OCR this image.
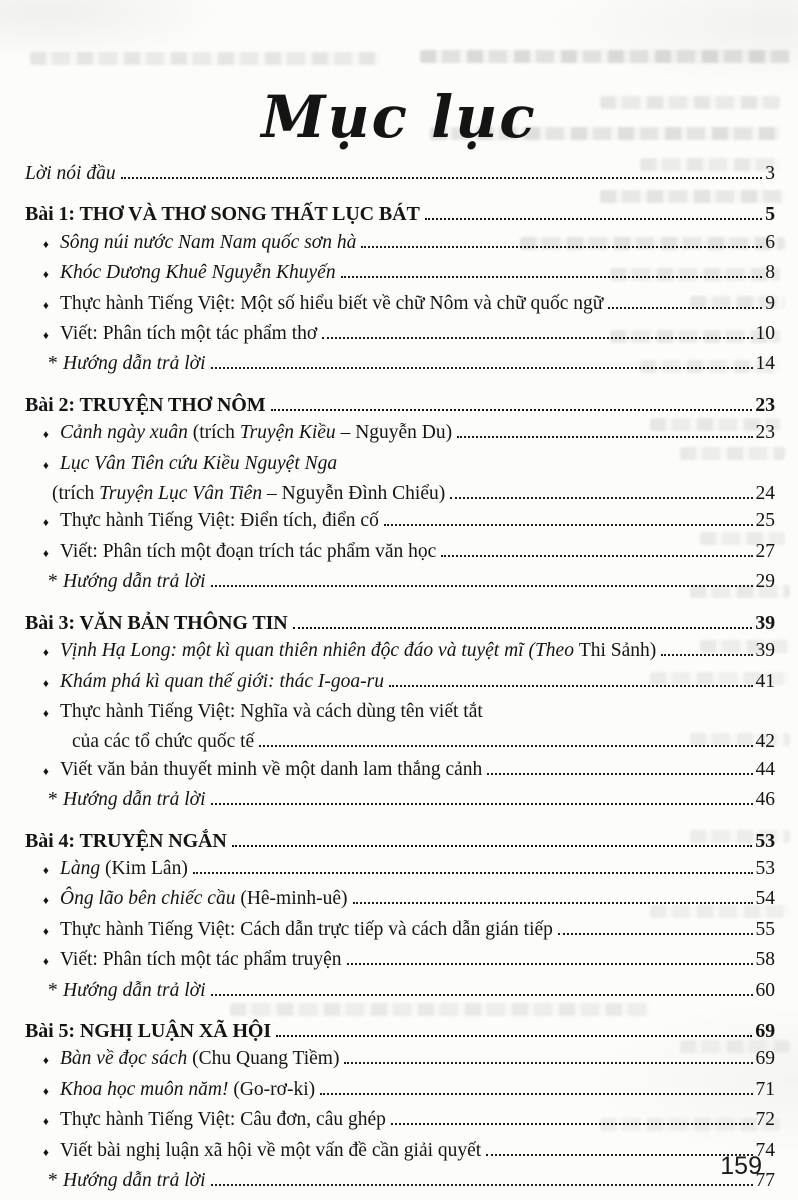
Mục lục
Lời nói đầu	3
Bài 1: THƠ VÀ THƠ SONG THẤT LỤC BÁT	5
♦ Sông núi nước Nam Nam quốc sơn hà	6
♦ Khóc Dương Khuê Nguyễn Khuyến	8
♦ Thực hành Tiếng Việt: Một số hiểu biết về chữ Nôm và chữ quốc ngữ	9
♦ Viết: Phân tích một tác phẩm thơ	10
* Hướng dẫn trả lời	14
Bài 2: TRUYỆN THƠ NÔM	23
♦ Cảnh ngày xuân (trích Truyện Kiều – Nguyễn Du)	23
♦ Lục Vân Tiên cứu Kiều Nguyệt Nga
(trích Truyện Lục Vân Tiên – Nguyễn Đình Chiểu)	24
♦ Thực hành Tiếng Việt: Điển tích, điển cố	25
♦ Viết: Phân tích một đoạn trích tác phẩm văn học	27
* Hướng dẫn trả lời	29
Bài 3: VĂN BẢN THÔNG TIN	39
♦ Vịnh Hạ Long: một kì quan thiên nhiên độc đáo và tuyệt mĩ (Theo Thi Sảnh)	39
♦ Khám phá kì quan thế giới: thác I-goa-ru	41
♦ Thực hành Tiếng Việt: Nghĩa và cách dùng tên viết tắt
của các tổ chức quốc tế	42
♦ Viết văn bản thuyết minh về một danh lam thắng cảnh	44
* Hướng dẫn trả lời	46
Bài 4: TRUYỆN NGẮN	53
♦ Làng (Kim Lân)	53
♦ Ông lão bên chiếc cầu (Hê-minh-uê)	54
♦ Thực hành Tiếng Việt: Cách dẫn trực tiếp và cách dẫn gián tiếp	55
♦ Viết: Phân tích một tác phẩm truyện	58
* Hướng dẫn trả lời	60
Bài 5: NGHỊ LUẬN XÃ HỘI	69
♦ Bàn về đọc sách (Chu Quang Tiềm)	69
♦ Khoa học muôn năm! (Go-rơ-ki)	71
♦ Thực hành Tiếng Việt: Câu đơn, câu ghép	72
♦ Viết bài nghị luận xã hội về một vấn đề cần giải quyết	74
* Hướng dẫn trả lời	77
159
